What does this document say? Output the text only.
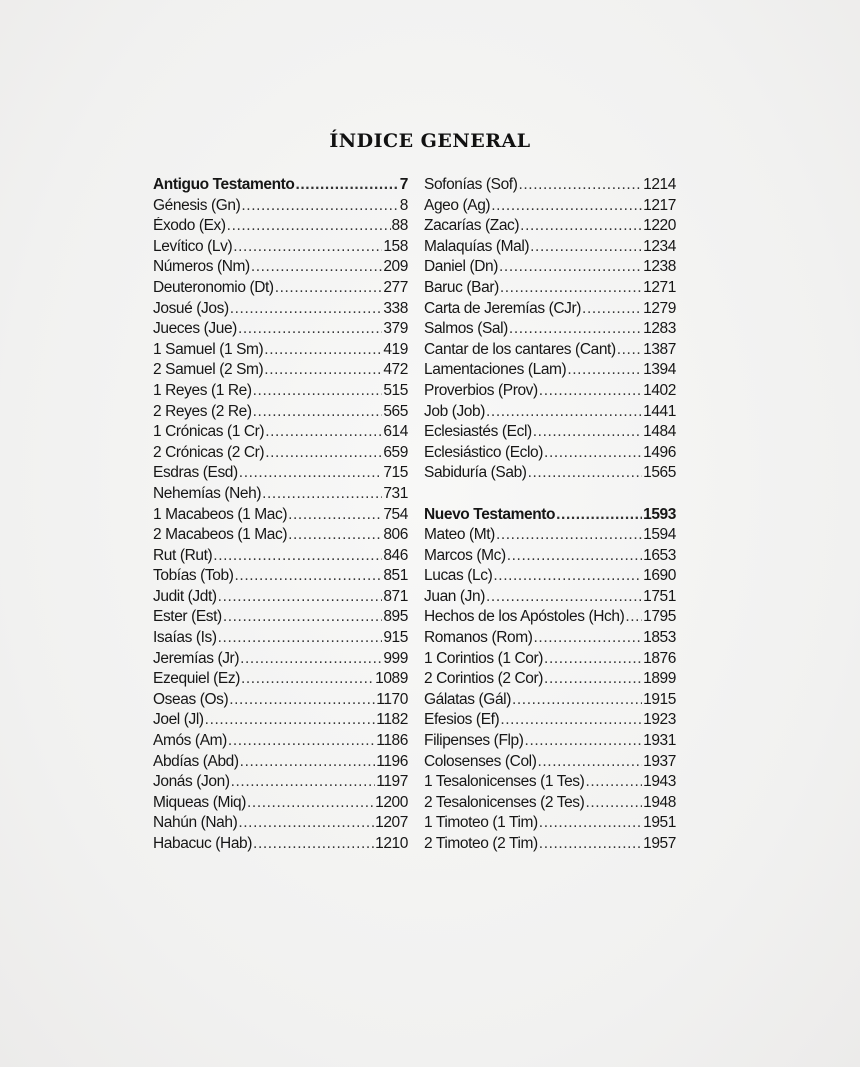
ÍNDICE GENERAL
Antiguo Testamento .....	7
Génesis (Gn) .....	8
Éxodo (Ex) .....	88
Levítico (Lv) .....	158
Números (Nm) .....	209
Deuteronomio (Dt) .....	277
Josué (Jos) .....	338
Jueces (Jue) .....	379
1 Samuel (1 Sm) .....	419
2 Samuel (2 Sm) .....	472
1 Reyes (1 Re) .....	515
2 Reyes (2 Re) .....	565
1 Crónicas (1 Cr) .....	614
2 Crónicas (2 Cr) .....	659
Esdras (Esd) .....	715
Nehemías (Neh) .....	731
1 Macabeos (1 Mac) .....	754
2 Macabeos (1 Mac) .....	806
Rut (Rut) .....	846
Tobías (Tob) .....	851
Judit (Jdt) .....	871
Ester (Est) .....	895
Isaías (Is) .....	915
Jeremías (Jr) .....	999
Ezequiel (Ez) .....	1089
Oseas (Os) .....	1170
Joel (Jl) .....	1182
Amós (Am) .....	1186
Abdías (Abd) .....	1196
Jonás (Jon) .....	1197
Miqueas (Miq) .....	1200
Nahún (Nah) .....	1207
Habacuc (Hab) .....	1210
Sofonías (Sof) .....	1214
Ageo (Ag) .....	1217
Zacarías (Zac) .....	1220
Malaquías (Mal) .....	1234
Daniel (Dn) .....	1238
Baruc (Bar) .....	1271
Carta de Jeremías (CJr) .....	1279
Salmos (Sal) .....	1283
Cantar de los cantares (Cant) ..... 1387
Lamentaciones (Lam) .....	1394
Proverbios (Prov) .....	1402
Job (Job) .....	1441
Eclesiastés (Ecl) .....	1484
Eclesiástico (Eclo) .....	1496
Sabiduría (Sab) .....	1565
Nuevo Testamento .....	1593
Mateo (Mt) .....	1594
Marcos (Mc) .....	1653
Lucas (Lc) .....	1690
Juan (Jn) .....	1751
Hechos de los Apóstoles (Hch) ..... 1795
Romanos (Rom) .....	1853
1 Corintios (1 Cor) .....	1876
2 Corintios (2 Cor) .....	1899
Gálatas (Gál) .....	1915
Efesios (Ef) .....	1923
Filipenses (Flp) .....	1931
Colosenses (Col) .....	1937
1 Tesalonicenses (1 Tes) .....	1943
2 Tesalonicenses (2 Tes) .....	1948
1 Timoteo (1 Tim) .....	1951
2 Timoteo (2 Tim) .....	1957
